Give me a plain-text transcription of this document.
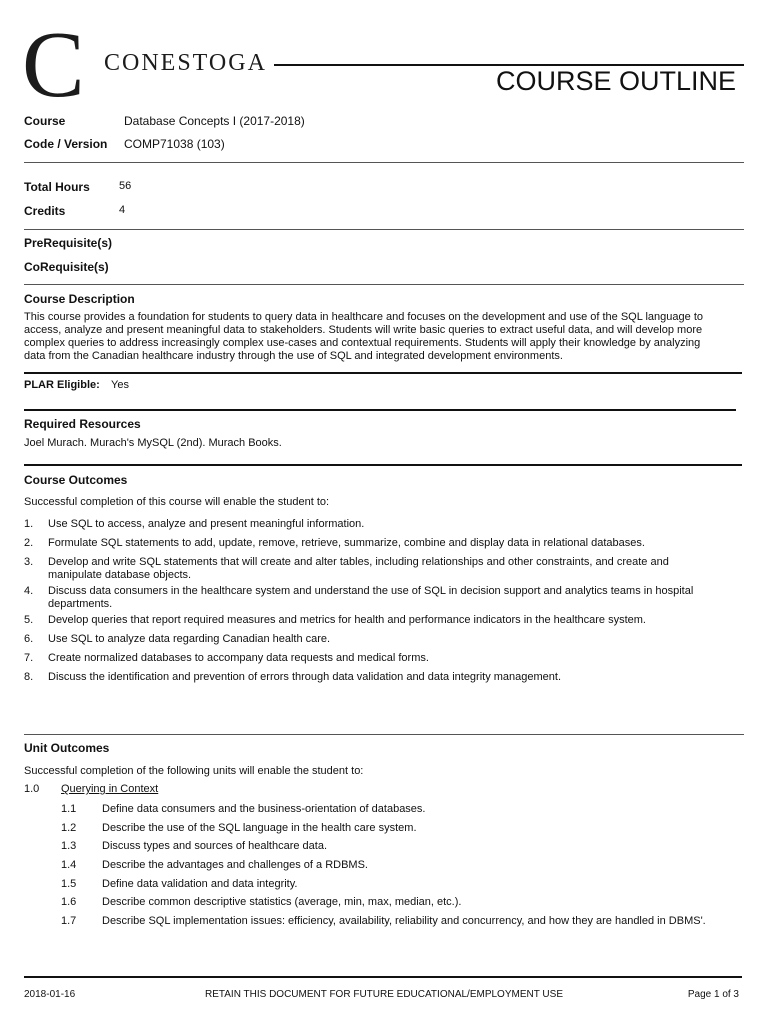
C CONESTOGA
COURSE OUTLINE
Course	Database Concepts I (2017-2018)
Code / Version COMP71038 (103)
Total Hours	56
Credits	4
PreRequisite(s)
CoRequisite(s)
Course Description
This course provides a foundation for students to query data in healthcare and focuses on the development and use of the SQL language to
access, analyze and present meaningful data to stakeholders. Students will write basic queries to extract useful data, and will develop more
complex queries to address increasingly complex use-cases and contextual requirements. Students will apply their knowledge by analyzing
data from the Canadian healthcare industry through the use of SQL and integrated development environments.
PLAR Eligible: Yes
Required Resources
Joel Murach. Murach's MySQL (2nd). Murach Books.
Course Outcomes
Successful completion of this course will enable the student to:
1.	Use SQL to access, analyze and present meaningful information.
2.	Formulate SQL statements to add, update, remove, retrieve, summarize, combine and display data in relational databases.
3.	Develop and write SQL statements that will create and alter tables, including relationships and other constraints, and create and
manipulate database objects.
4.	Discuss data consumers in the healthcare system and understand the use of SQL in decision support and analytics teams in hospital
departments.
5.	Develop queries that report required measures and metrics for health and performance indicators in the healthcare system.
6.	Use SQL to analyze data regarding Canadian health care.
7.	Create normalized databases to accompany data requests and medical forms.
8.	Discuss the identification and prevention of errors through data validation and data integrity management.
Unit Outcomes
Successful completion of the following units will enable the student to:
1.0 Querying in Context
1.1 Define data consumers and the business-orientation of databases.
1.2 Describe the use of the SQL language in the health care system.
1.3 Discuss types and sources of healthcare data.
1.4 Describe the advantages and challenges of a RDBMS.
1.5 Define data validation and data integrity.
1.6 Describe common descriptive statistics (average, min, max, median, etc.).
1.7 Describe SQL implementation issues: efficiency, availability, reliability and concurrency, and how they are handled in DBMS'.
2018-01-16	RETAIN THIS DOCUMENT FOR FUTURE EDUCATIONAL/EMPLOYMENT USE	Page 1 of 3
